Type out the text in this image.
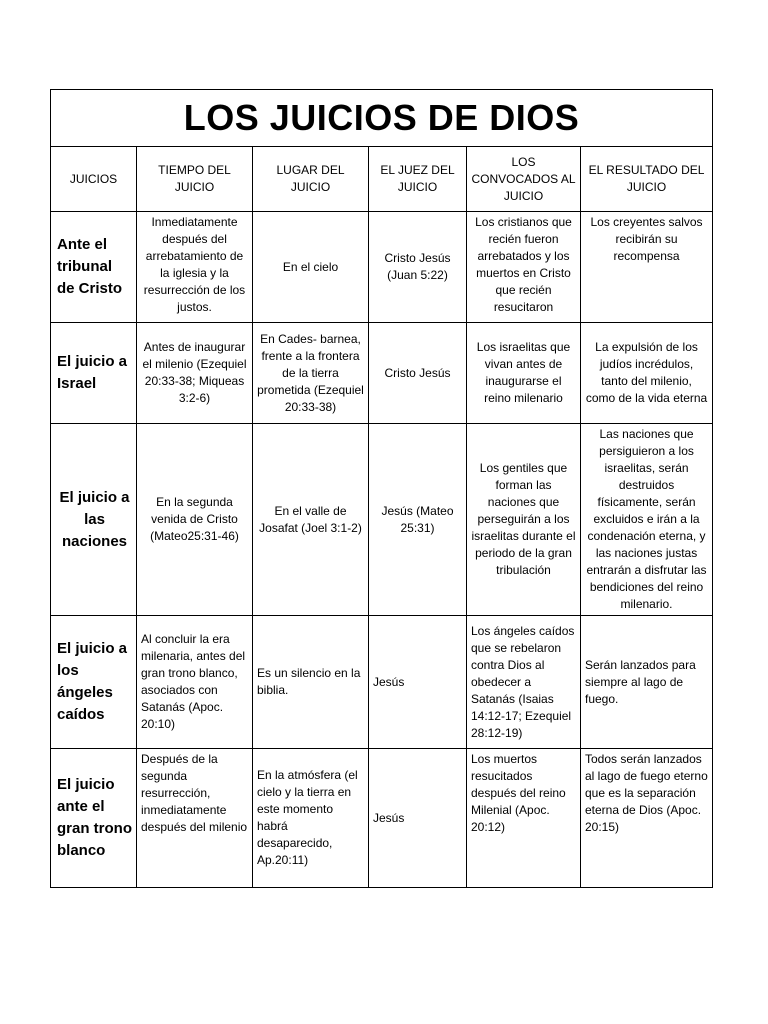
LOS JUICIOS DE DIOS					
JUICIOS	TIEMPO DEL JUICIO	LUGAR DEL JUICIO	EL JUEZ DEL JUICIO	LOS CONVOCADOS AL JUICIO	EL RESULTADO DEL JUICIO
Ante el tribunal de Cristo	Inmediatamente después del arrebatamiento de la iglesia y la resurrección de los justos.	En el cielo	Cristo Jesús (Juan 5:22)	Los cristianos que recién fueron arrebatados y los muertos en Cristo que recién resucitaron	Los creyentes salvos recibirán su recompensa
El juicio a Israel	Antes de inaugurar el milenio (Ezequiel 20:33-38; Miqueas 3:2-6)	En Cades- barnea, frente a la frontera de la tierra prometida (Ezequiel 20:33-38)	Cristo Jesús	Los israelitas que vivan antes de inaugurarse el reino milenario	La expulsión de los judíos incrédulos, tanto del milenio, como de la vida eterna
El juicio a las naciones	En la segunda venida de Cristo (Mateo25:31-46)	En el valle de Josafat (Joel 3:1-2)	Jesús (Mateo 25:31)	Los gentiles que forman las naciones que perseguirán a los israelitas durante el periodo de la gran tribulación	Las naciones que persiguieron a los israelitas, serán destruidos físicamente, serán excluidos e irán a la condenación eterna, y las naciones justas entrarán a disfrutar las bendiciones del reino milenario.
El juicio a los ángeles caídos	Al concluir la era milenaria, antes del gran trono blanco, asociados con Satanás (Apoc. 20:10)	Es un silencio en la biblia.	Jesús	Los ángeles caídos que se rebelaron contra Dios al obedecer a Satanás (Isaias 14:12-17; Ezequiel 28:12-19)	Serán lanzados para siempre al lago de fuego.
El juicio ante el gran trono blanco	Después de la segunda resurrección, inmediatamente después del milenio	En la atmósfera (el cielo y la tierra en este momento habrá desaparecido, Ap.20:11)	Jesús	Los muertos resucitados después del reino Milenial (Apoc. 20:12)	Todos serán lanzados al lago de fuego eterno que es la separación eterna de Dios (Apoc. 20:15)
